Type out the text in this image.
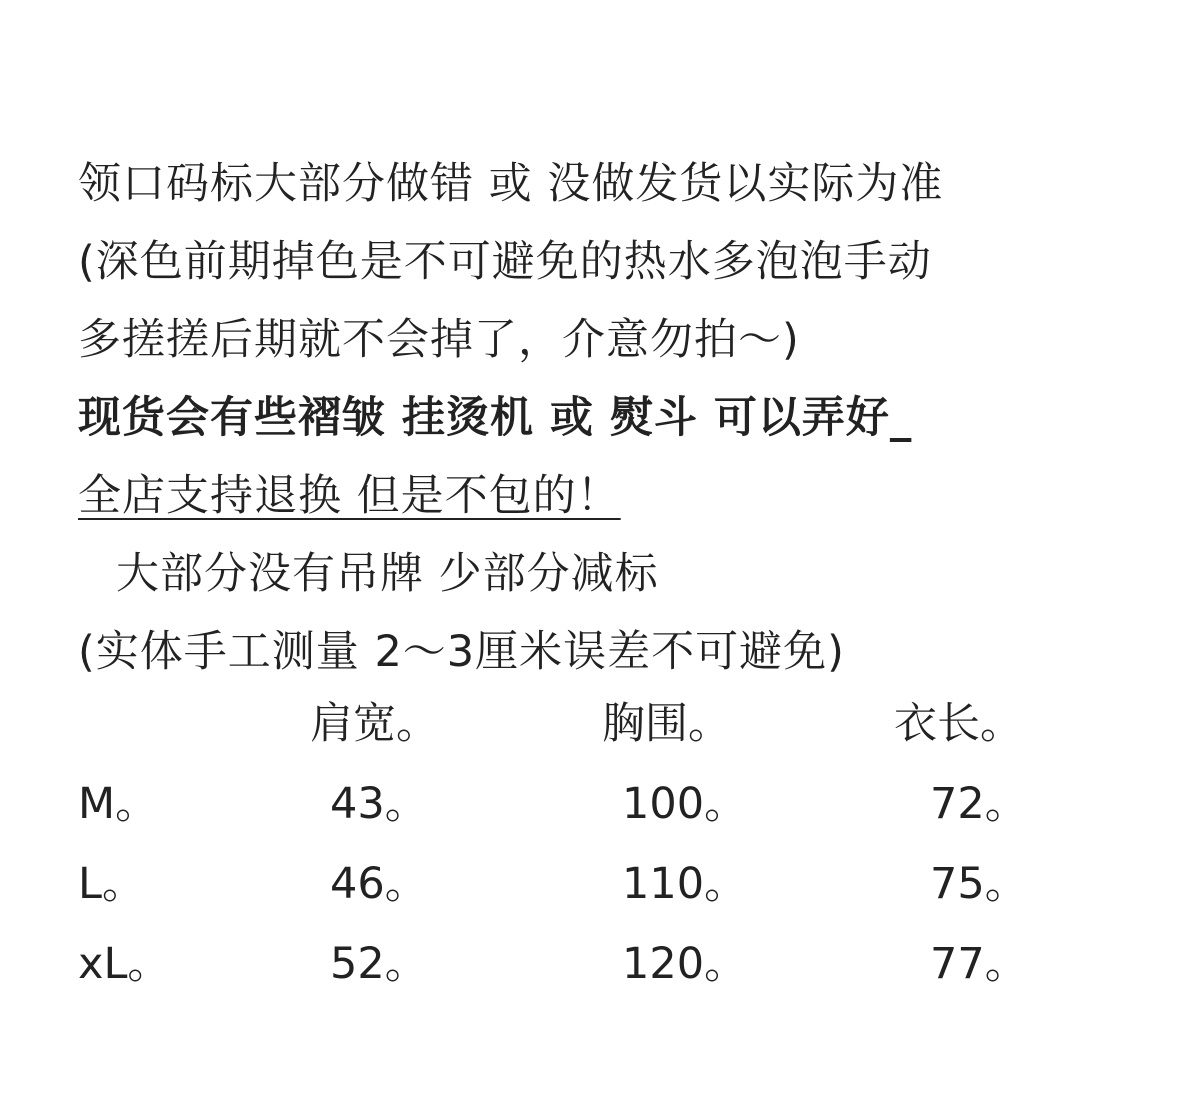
领口码标大部分做错 或 没做发货以实际为准
(深色前期掉色是不可避免的热水多泡泡手动
多搓搓后期就不会掉了，介意勿拍～)
现货会有些褶皱 挂烫机 或 熨斗 可以弄好_
全店支持退换 但是不包的！
大部分没有吊牌 少部分减标
(实体手工测量 2～3厘米误差不可避免)
	肩宽。	胸围。	衣长。
M。	43。	100。	72。
L。	46。	110。	75。
xL。	52。	120。	77。
